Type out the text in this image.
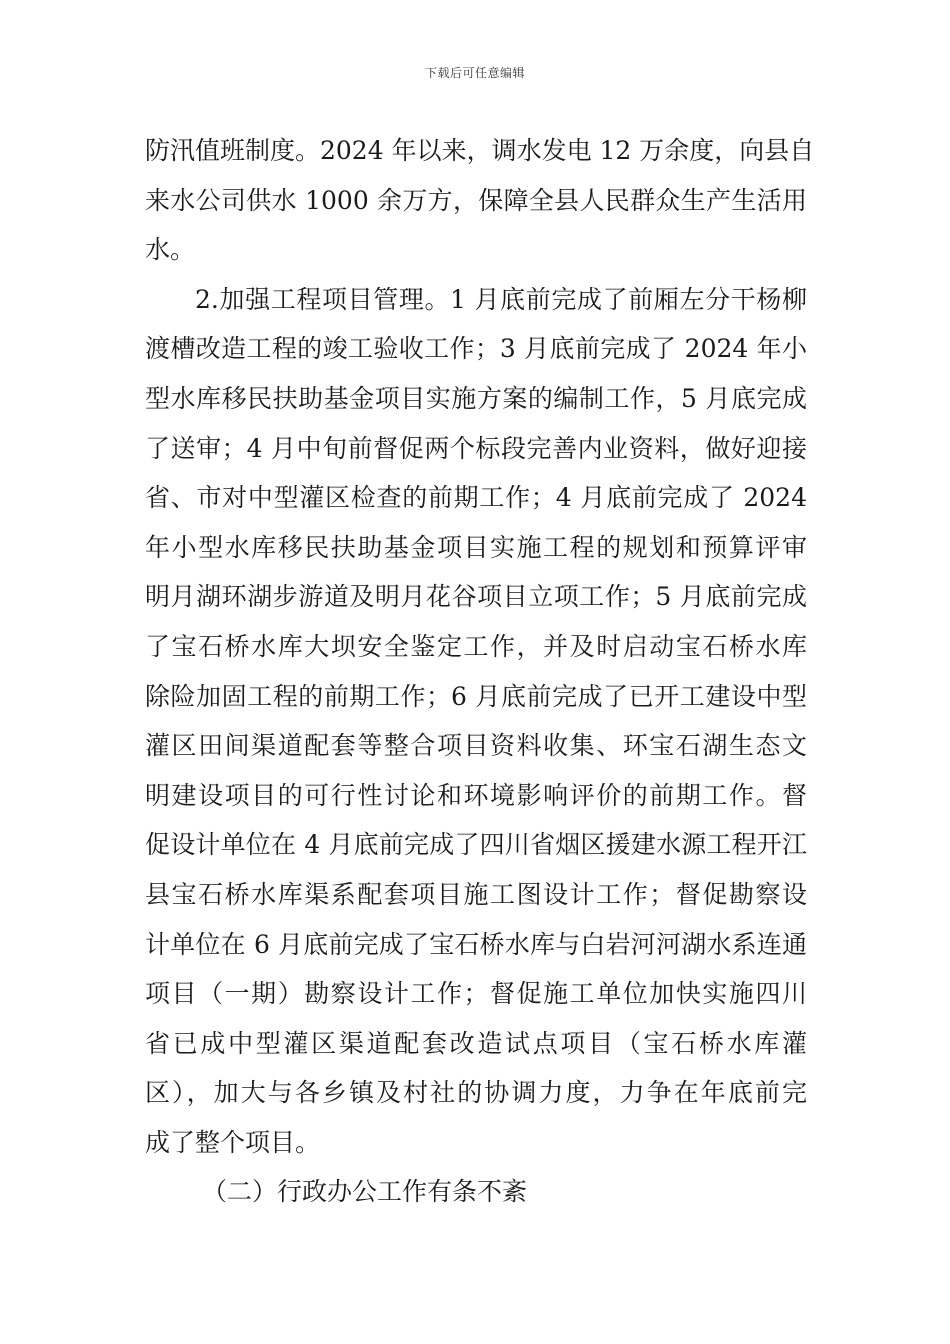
下载后可任意编辑
防汛值班制度。2024 年以来，调水发电 12 万余度，向县自
来水公司供水 1000 余万方，保障全县人民群众生产生活用
水。
2.加强工程项目管理。1 月底前完成了前厢左分干杨柳
渡槽改造工程的竣工验收工作；3 月底前完成了 2024 年小
型水库移民扶助基金项目实施方案的编制工作，5 月底完成
了送审；4 月中旬前督促两个标段完善内业资料，做好迎接
省、市对中型灌区检查的前期工作；4 月底前完成了 2024
年小型水库移民扶助基金项目实施工程的规划和预算评审
明月湖环湖步游道及明月花谷项目立项工作；5 月底前完成
了宝石桥水库大坝安全鉴定工作，并及时启动宝石桥水库
除险加固工程的前期工作；6 月底前完成了已开工建设中型
灌区田间渠道配套等整合项目资料收集、环宝石湖生态文
明建设项目的可行性讨论和环境影响评价的前期工作。督
促设计单位在 4 月底前完成了四川省烟区援建水源工程开江
县宝石桥水库渠系配套项目施工图设计工作；督促勘察设
计单位在 6 月底前完成了宝石桥水库与白岩河河湖水系连通
项目（一期）勘察设计工作；督促施工单位加快实施四川
省已成中型灌区渠道配套改造试点项目（宝石桥水库灌
区），加大与各乡镇及村社的协调力度，力争在年底前完
成了整个项目。
（二）行政办公工作有条不紊
